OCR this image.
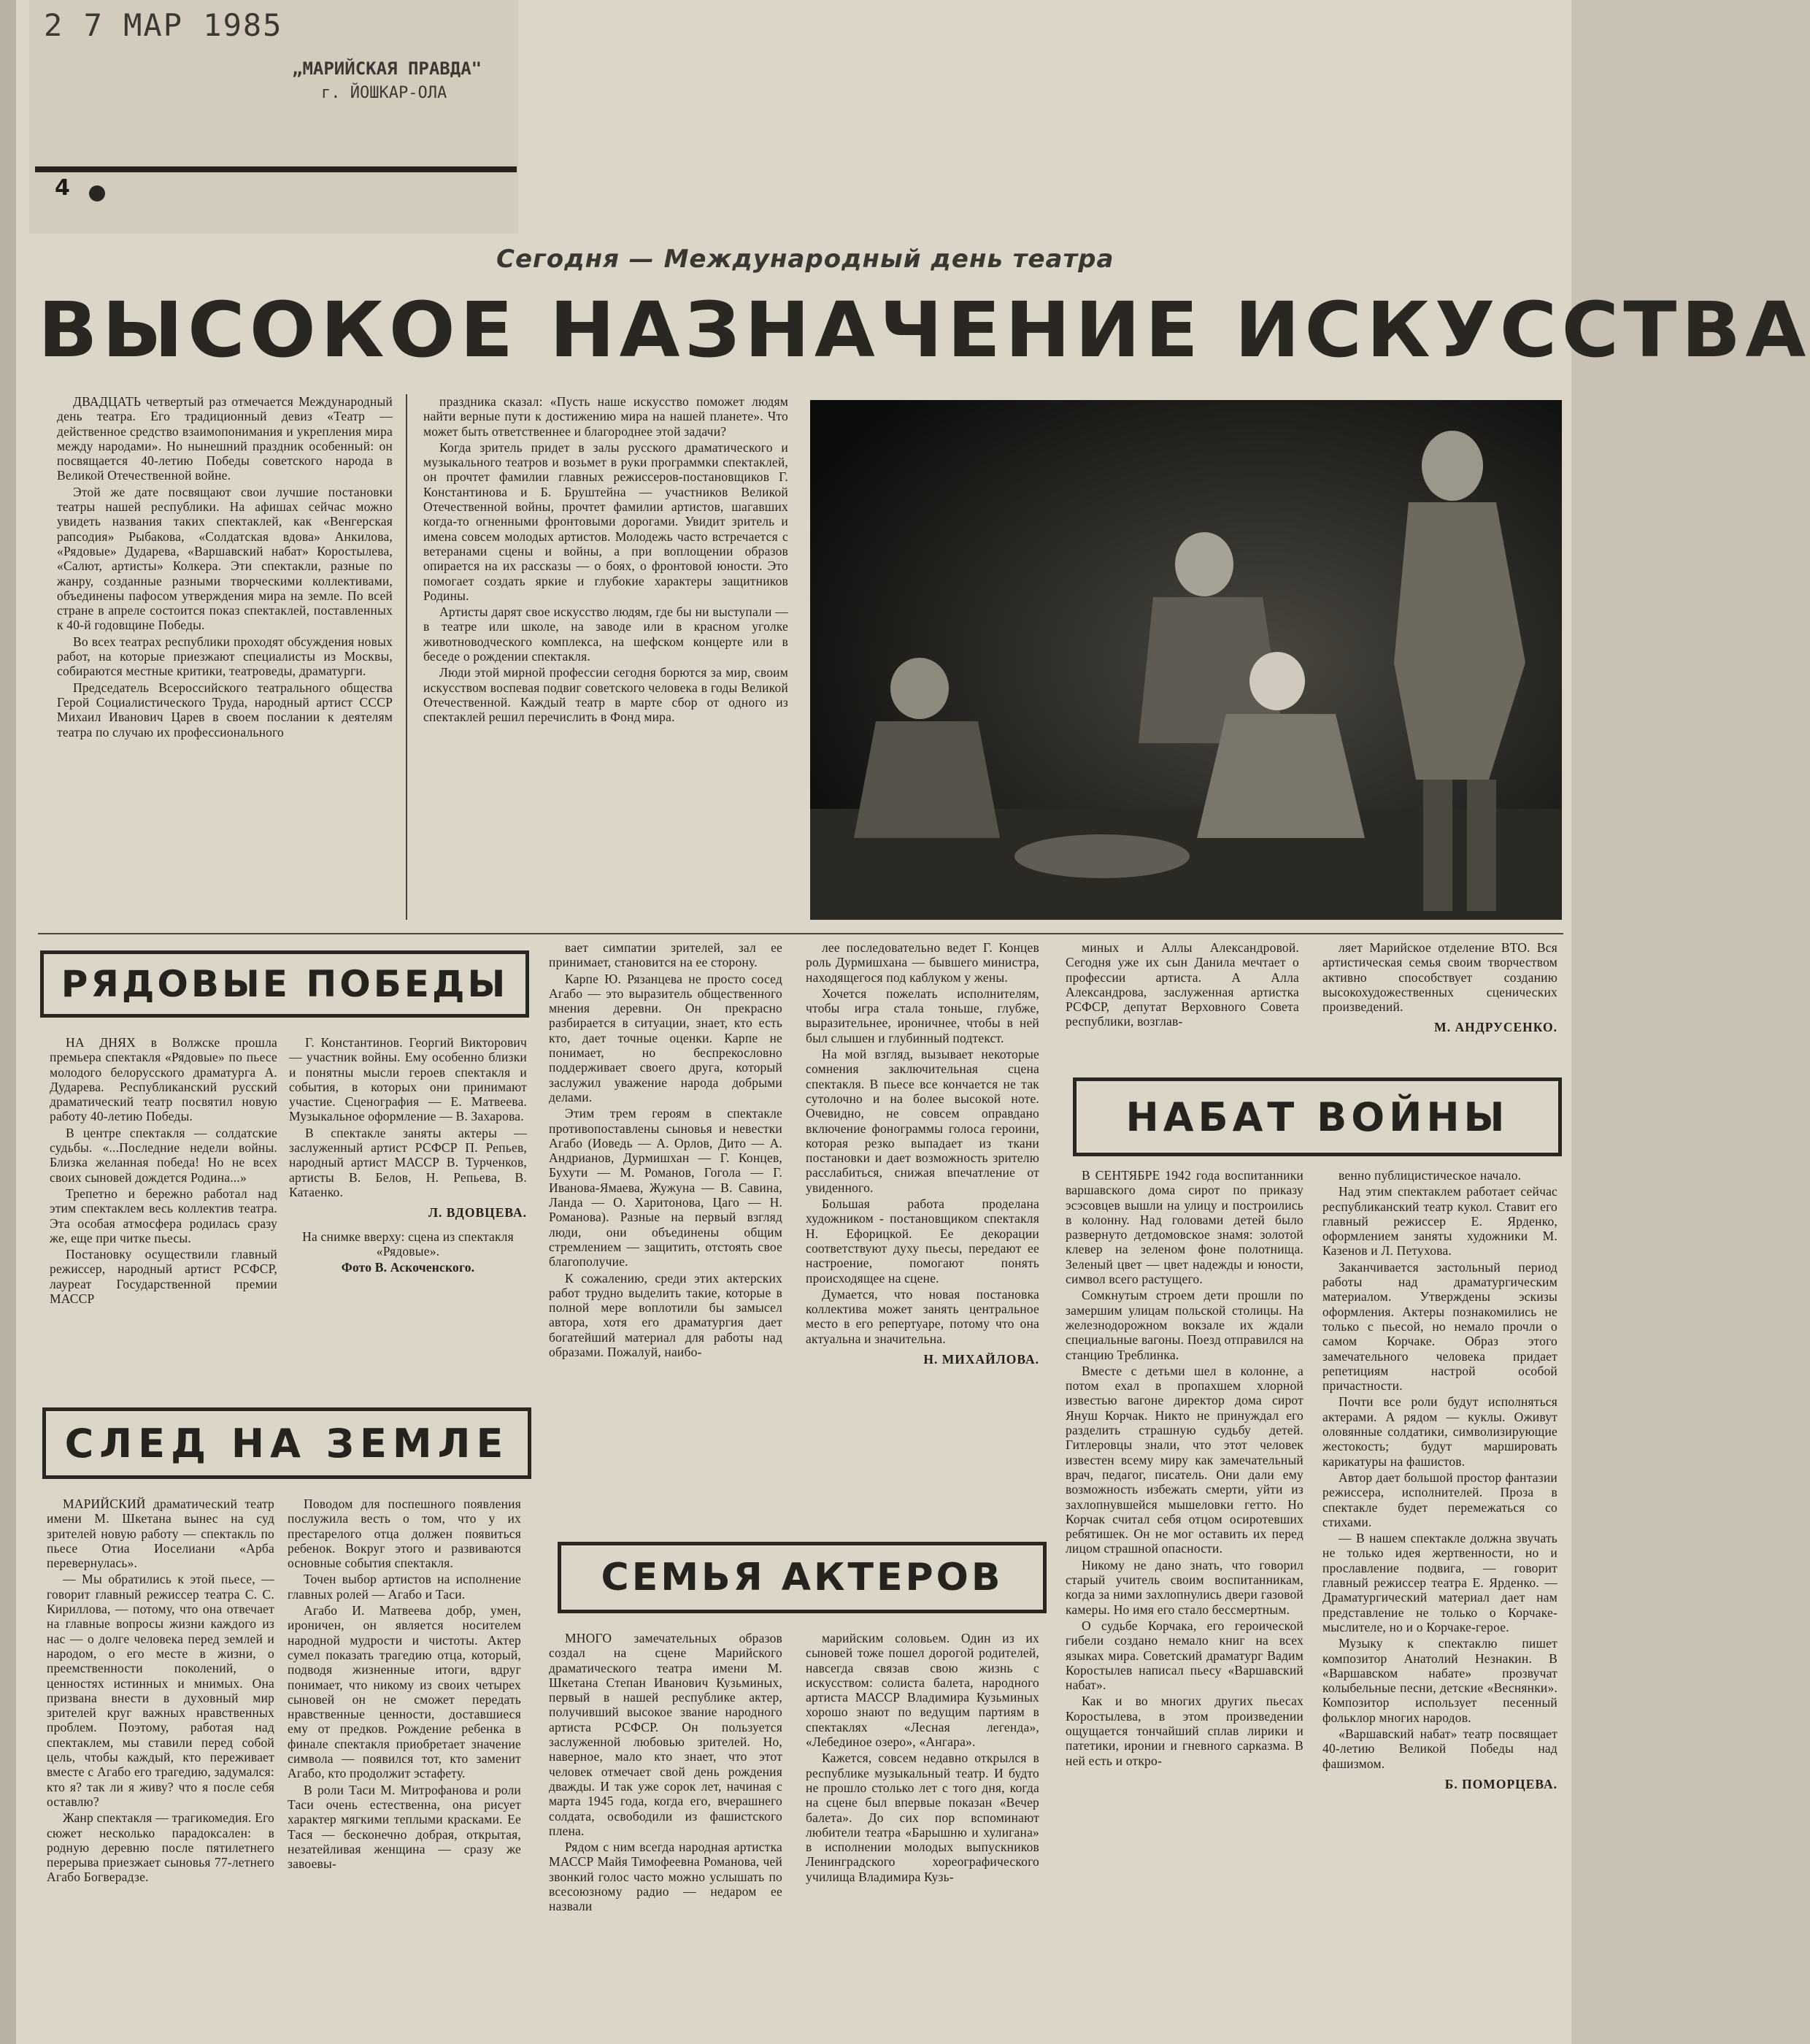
2 7 МАР 1985
„МАРИЙСКАЯ ПРАВДА"
г. ЙОШКАР-ОЛА
4
Сегодня — Международный день театра
ВЫСОКОЕ НАЗНАЧЕНИЕ ИСКУССТВА

ДВАДЦАТЬ четвертый раз отмечается Международный день театра. Его традиционный девиз «Театр — действенное средство взаимопонимания и укрепления мира между народами». Но нынешний праздник особенный: он посвящается 40-летию Победы советского народа в Великой Отечественной войне.

Этой же дате посвящают свои лучшие постановки театры нашей республики. На афишах сейчас можно увидеть названия таких спектаклей, как «Венгерская рапсодия» Рыбакова, «Солдатская вдова» Анкилова, «Рядовые» Дударева, «Варшавский набат» Коростылева, «Салют, артисты» Колкера. Эти спектакли, разные по жанру, созданные разными творческими коллективами, объединены пафосом утверждения мира на земле. По всей стране в апреле состоится показ спектаклей, поставленных к 40-й годовщине Победы.

Во всех театрах республики проходят обсуждения новых работ, на которые приезжают специалисты из Москвы, собираются местные критики, театроведы, драматурги.

Председатель Всероссийского театрального общества Герой Социалистического Труда, народный артист СССР Михаил Иванович Царев в своем послании к деятелям театра по случаю их профессионального

праздника сказал: «Пусть наше искусство поможет людям найти верные пути к достижению мира на нашей планете». Что может быть ответственнее и благороднее этой задачи?

Когда зритель придет в залы русского драматического и музыкального театров и возьмет в руки программки спектаклей, он прочтет фамилии главных режиссеров-постановщиков Г. Константинова и Б. Бруштейна — участников Великой Отечественной войны, прочтет фамилии артистов, шагавших когда-то огненными фронтовыми дорогами. Увидит зритель и имена совсем молодых артистов. Молодежь часто встречается с ветеранами сцены и войны, а при воплощении образов опирается на их рассказы — о боях, о фронтовой юности. Это помогает создать яркие и глубокие характеры защитников Родины.

Артисты дарят свое искусство людям, где бы ни выступали — в театре или школе, на заводе или в красном уголке животноводческого комплекса, на шефском концерте или в беседе о рождении спектакля.

Люди этой мирной профессии сегодня борются за мир, своим искусством воспевая подвиг советского человека в годы Великой Отечественной. Каждый театр в марте сбор от одного из спектаклей решил перечислить в Фонд мира.

РЯДОВЫЕ ПОБЕДЫ

НА ДНЯХ в Волжске прошла премьера спектакля «Рядовые» по пьесе молодого белорусского драматурга А. Дударева. Республиканский русский драматический театр посвятил новую работу 40-летию Победы.

В центре спектакля — солдатские судьбы. «...Последние недели войны. Близка желанная победа! Но не всех своих сыновей дождется Родина...»

Трепетно и бережно работал над этим спектаклем весь коллектив театра. Эта особая атмосфера родилась сразу же, еще при читке пьесы.

Постановку осуществили главный режиссер, народный артист РСФСР, лауреат Государственной премии МАССР

Г. Константинов. Георгий Викторович — участник войны. Ему особенно близки и понятны мысли героев спектакля и события, в которых они принимают участие. Сценография — Е. Матвеева. Музыкальное оформление — В. Захарова.

В спектакле заняты актеры — заслуженный артист РСФСР П. Репьев, народный артист МАССР В. Турченков, артисты В. Белов, Н. Репьева, В. Катаенко.

Л. ВДОВЦЕВА.

На снимке вверху: сцена из спектакля «Рядовые».

Фото В. Аскоченского.

СЛЕД НА ЗЕМЛЕ

МАРИЙСКИЙ драматический театр имени М. Шкетана вынес на суд зрителей новую работу — спектакль по пьесе Отиа Иоселиани «Арба перевернулась».

— Мы обратились к этой пьесе, — говорит главный режиссер театра С. С. Кириллова, — потому, что она отвечает на главные вопросы жизни каждого из нас — о долге человека перед землей и народом, о его месте в жизни, о преемственности поколений, о ценностях истинных и мнимых. Она призвана внести в духовный мир зрителей круг важных нравственных проблем. Поэтому, работая над спектаклем, мы ставили перед собой цель, чтобы каждый, кто переживает вместе с Агабо его трагедию, задумался: кто я? так ли я живу? что я после себя оставлю?

Жанр спектакля — трагикомедия. Его сюжет несколько парадоксален: в родную деревню после пятилетнего перерыва приезжает сыновья 77-летнего Агабо Богверадзе.

Поводом для поспешного появления послужила весть о том, что у их престарелого отца должен появиться ребенок. Вокруг этого и развиваются основные события спектакля.

Точен выбор артистов на исполнение главных ролей — Агабо и Таси.

Агабо И. Матвеева добр, умен, ироничен, он является носителем народной мудрости и чистоты. Актер сумел показать трагедию отца, который, подводя жизненные итоги, вдруг понимает, что никому из своих четырех сыновей он не сможет передать нравственные ценности, доставшиеся ему от предков. Рождение ребенка в финале спектакля приобретает значение символа — появился тот, кто заменит Агабо, кто продолжит эстафету.

В роли Таси М. Митрофанова и роли Таси очень естественна, она рисует характер мягкими теплыми красками. Ее Тася — бесконечно добрая, открытая, незатейливая женщина — сразу же завоевы-

вает симпатии зрителей, зал ее принимает, становится на ее сторону.

Карпе Ю. Рязанцева не просто сосед Агабо — это выразитель общественного мнения деревни. Он прекрасно разбирается в ситуации, знает, кто есть кто, дает точные оценки. Карпе не понимает, но беспрекословно поддерживает своего друга, который заслужил уважение народа добрыми делами.

Этим трем героям в спектакле противопоставлены сыновья и невестки Агабо (Иоведь — А. Орлов, Дито — А. Андрианов, Дурмишхан — Г. Концев, Бухути — М. Романов, Гогола — Г. Иванова-Ямаева, Жужуна — В. Савина, Ланда — О. Харитонова, Цаго — Н. Романова). Разные на первый взгляд люди, они объединены общим стремлением — защитить, отстоять свое благополучие.

К сожалению, среди этих актерских работ трудно выделить такие, которые в полной мере воплотили бы замысел автора, хотя его драматургия дает богатейший материал для работы над образами. Пожалуй, наибо-

лее последовательно ведет Г. Концев роль Дурмишхана — бывшего министра, находящегося под каблуком у жены.

Хочется пожелать исполнителям, чтобы игра стала тоньше, глубже, выразительнее, ироничнее, чтобы в ней был слышен и глубинный подтекст.

На мой взгляд, вызывает некоторые сомнения заключительная сцена спектакля. В пьесе все кончается не так сутолочно и на более высокой ноте. Очевидно, не совсем оправдано включение фонограммы голоса героини, которая резко выпадает из ткани постановки и дает возможность зрителю расслабиться, снижая впечатление от увиденного.

Большая работа проделана художником - постановщиком спектакля Н. Ефорицкой. Ее декорации соответствуют духу пьесы, передают ее настроение, помогают понять происходящее на сцене.

Думается, что новая постановка коллектива может занять центральное место в его репертуаре, потому что она актуальна и значительна.

Н. МИХАЙЛОВА.

СЕМЬЯ АКТЕРОВ

МНОГО замечательных образов создал на сцене Марийского драматического театра имени М. Шкетана Степан Иванович Кузьминых, первый в нашей республике актер, получивший высокое звание народного артиста РСФСР. Он пользуется заслуженной любовью зрителей. Но, наверное, мало кто знает, что этот человек отмечает свой день рождения дважды. И так уже сорок лет, начиная с марта 1945 года, когда его, вчерашнего солдата, освободили из фашистского плена.

Рядом с ним всегда народная артистка МАССР Майя Тимофеевна Романова, чей звонкий голос часто можно услышать по всесоюзному радио — недаром ее назвали

марийским соловьем. Один из их сыновей тоже пошел дорогой родителей, навсегда связав свою жизнь с искусством: солиста балета, народного артиста МАССР Владимира Кузьминых хорошо знают по ведущим партиям в спектаклях «Лесная легенда», «Лебединое озеро», «Ангара».

Кажется, совсем недавно открылся в республике музыкальный театр. И будто не прошло столько лет с того дня, когда на сцене был впервые показан «Вечер балета». До сих пор вспоминают любители театра «Барышню и хулигана» в исполнении молодых выпускников Ленинградского хореографического училища Владимира Кузь-

миных и Аллы Александровой. Сегодня уже их сын Данила мечтает о профессии артиста. А Алла Александрова, заслуженная артистка РСФСР, депутат Верховного Совета республики, возглав-

ляет Марийское отделение ВТО. Вся артистическая семья своим творчеством активно способствует созданию высокохудожественных сценических произведений.

М. АНДРУСЕНКО.

НАБАТ ВОЙНЫ

В СЕНТЯБРЕ 1942 года воспитанники варшавского дома сирот по приказу эсэсовцев вышли на улицу и построились в колонну. Над головами детей было развернуто детдомовское знамя: золотой клевер на зеленом фоне полотнища. Зеленый цвет — цвет надежды и юности, символ всего растущего.

Сомкнутым строем дети прошли по замершим улицам польской столицы. На железнодорожном вокзале их ждали специальные вагоны. Поезд отправился на станцию Треблинка.

Вместе с детьми шел в колонне, а потом ехал в пропахшем хлорной известью вагоне директор дома сирот Януш Корчак. Никто не принуждал его разделить страшную судьбу детей. Гитлеровцы знали, что этот человек известен всему миру как замечательный врач, педагог, писатель. Они дали ему возможность избежать смерти, уйти из захлопнувшейся мышеловки гетто. Но Корчак считал себя отцом осиротевших ребятишек. Он не мог оставить их перед лицом страшной опасности.

Никому не дано знать, что говорил старый учитель своим воспитанникам, когда за ними захлопнулись двери газовой камеры. Но имя его стало бессмертным.

О судьбе Корчака, его героической гибели создано немало книг на всех языках мира. Советский драматург Вадим Коростылев написал пьесу «Варшавский набат».

Как и во многих других пьесах Коростылева, в этом произведении ощущается тончайший сплав лирики и патетики, иронии и гневного сарказма. В ней есть и откро-

венно публицистическое начало.

Над этим спектаклем работает сейчас республиканский театр кукол. Ставит его главный режиссер Е. Ярденко, оформлением заняты художники М. Казенов и Л. Петухова.

Заканчивается застольный период работы над драматургическим материалом. Утверждены эскизы оформления. Актеры познакомились не только с пьесой, но немало прочли о самом Корчаке. Образ этого замечательного человека придает репетициям настрой особой причастности.

Почти все роли будут исполняться актерами. А рядом — куклы. Оживут оловянные солдатики, символизирующие жестокость; будут маршировать карикатуры на фашистов.

Автор дает большой простор фантазии режиссера, исполнителей. Проза в спектакле будет перемежаться со стихами.

— В нашем спектакле должна звучать не только идея жертвенности, но и прославление подвига, — говорит главный режиссер театра Е. Ярденко. — Драматургический материал дает нам представление не только о Корчаке-мыслителе, но и о Корчаке-герое.

Музыку к спектаклю пишет композитор Анатолий Незнакин. В «Варшавском набате» прозвучат колыбельные песни, детские «Веснянки». Композитор использует песенный фольклор многих народов.

«Варшавский набат» театр посвящает 40-летию Великой Победы над фашизмом.

Б. ПОМОРЦЕВА.
